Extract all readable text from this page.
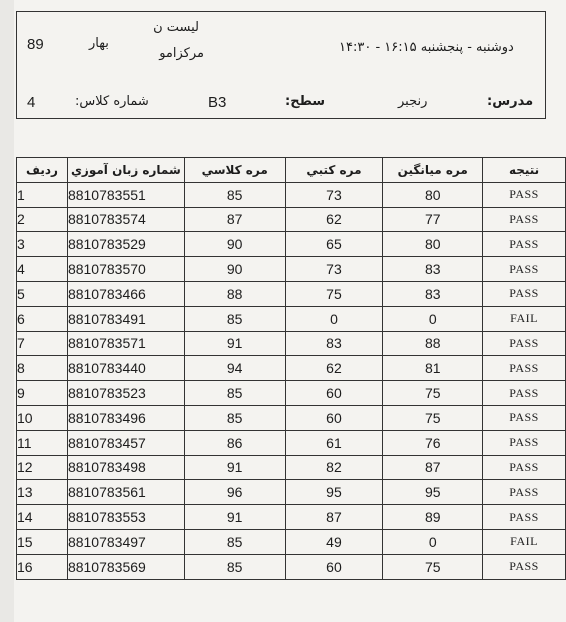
89	بهار
لیست ن
مرکزامو	دوشنبه - پنجشنبه ۱۶:۱۵ - ۱۴:۳۰
4	شماره کلاس:	B3	سطح:	رنجبر	مدرس:
ردیف	شماره زبان آموزي	مره کلاسي	مره کتبي	مره میانگین	نتیجه
1	8810783551	85	73	80	PASS
2	8810783574	87	62	77	PASS
3	8810783529	90	65	80	PASS
4	8810783570	90	73	83	PASS
5	8810783466	88	75	83	PASS
6	8810783491	85	0	0	FAIL
7	8810783571	91	83	88	PASS
8	8810783440	94	62	81	PASS
9	8810783523	85	60	75	PASS
10	8810783496	85	60	75	PASS
11	8810783457	86	61	76	PASS
12	8810783498	91	82	87	PASS
13	8810783561	96	95	95	PASS
14	8810783553	91	87	89	PASS
15	8810783497	85	49	0	FAIL
16	8810783569	85	60	75	PASS
